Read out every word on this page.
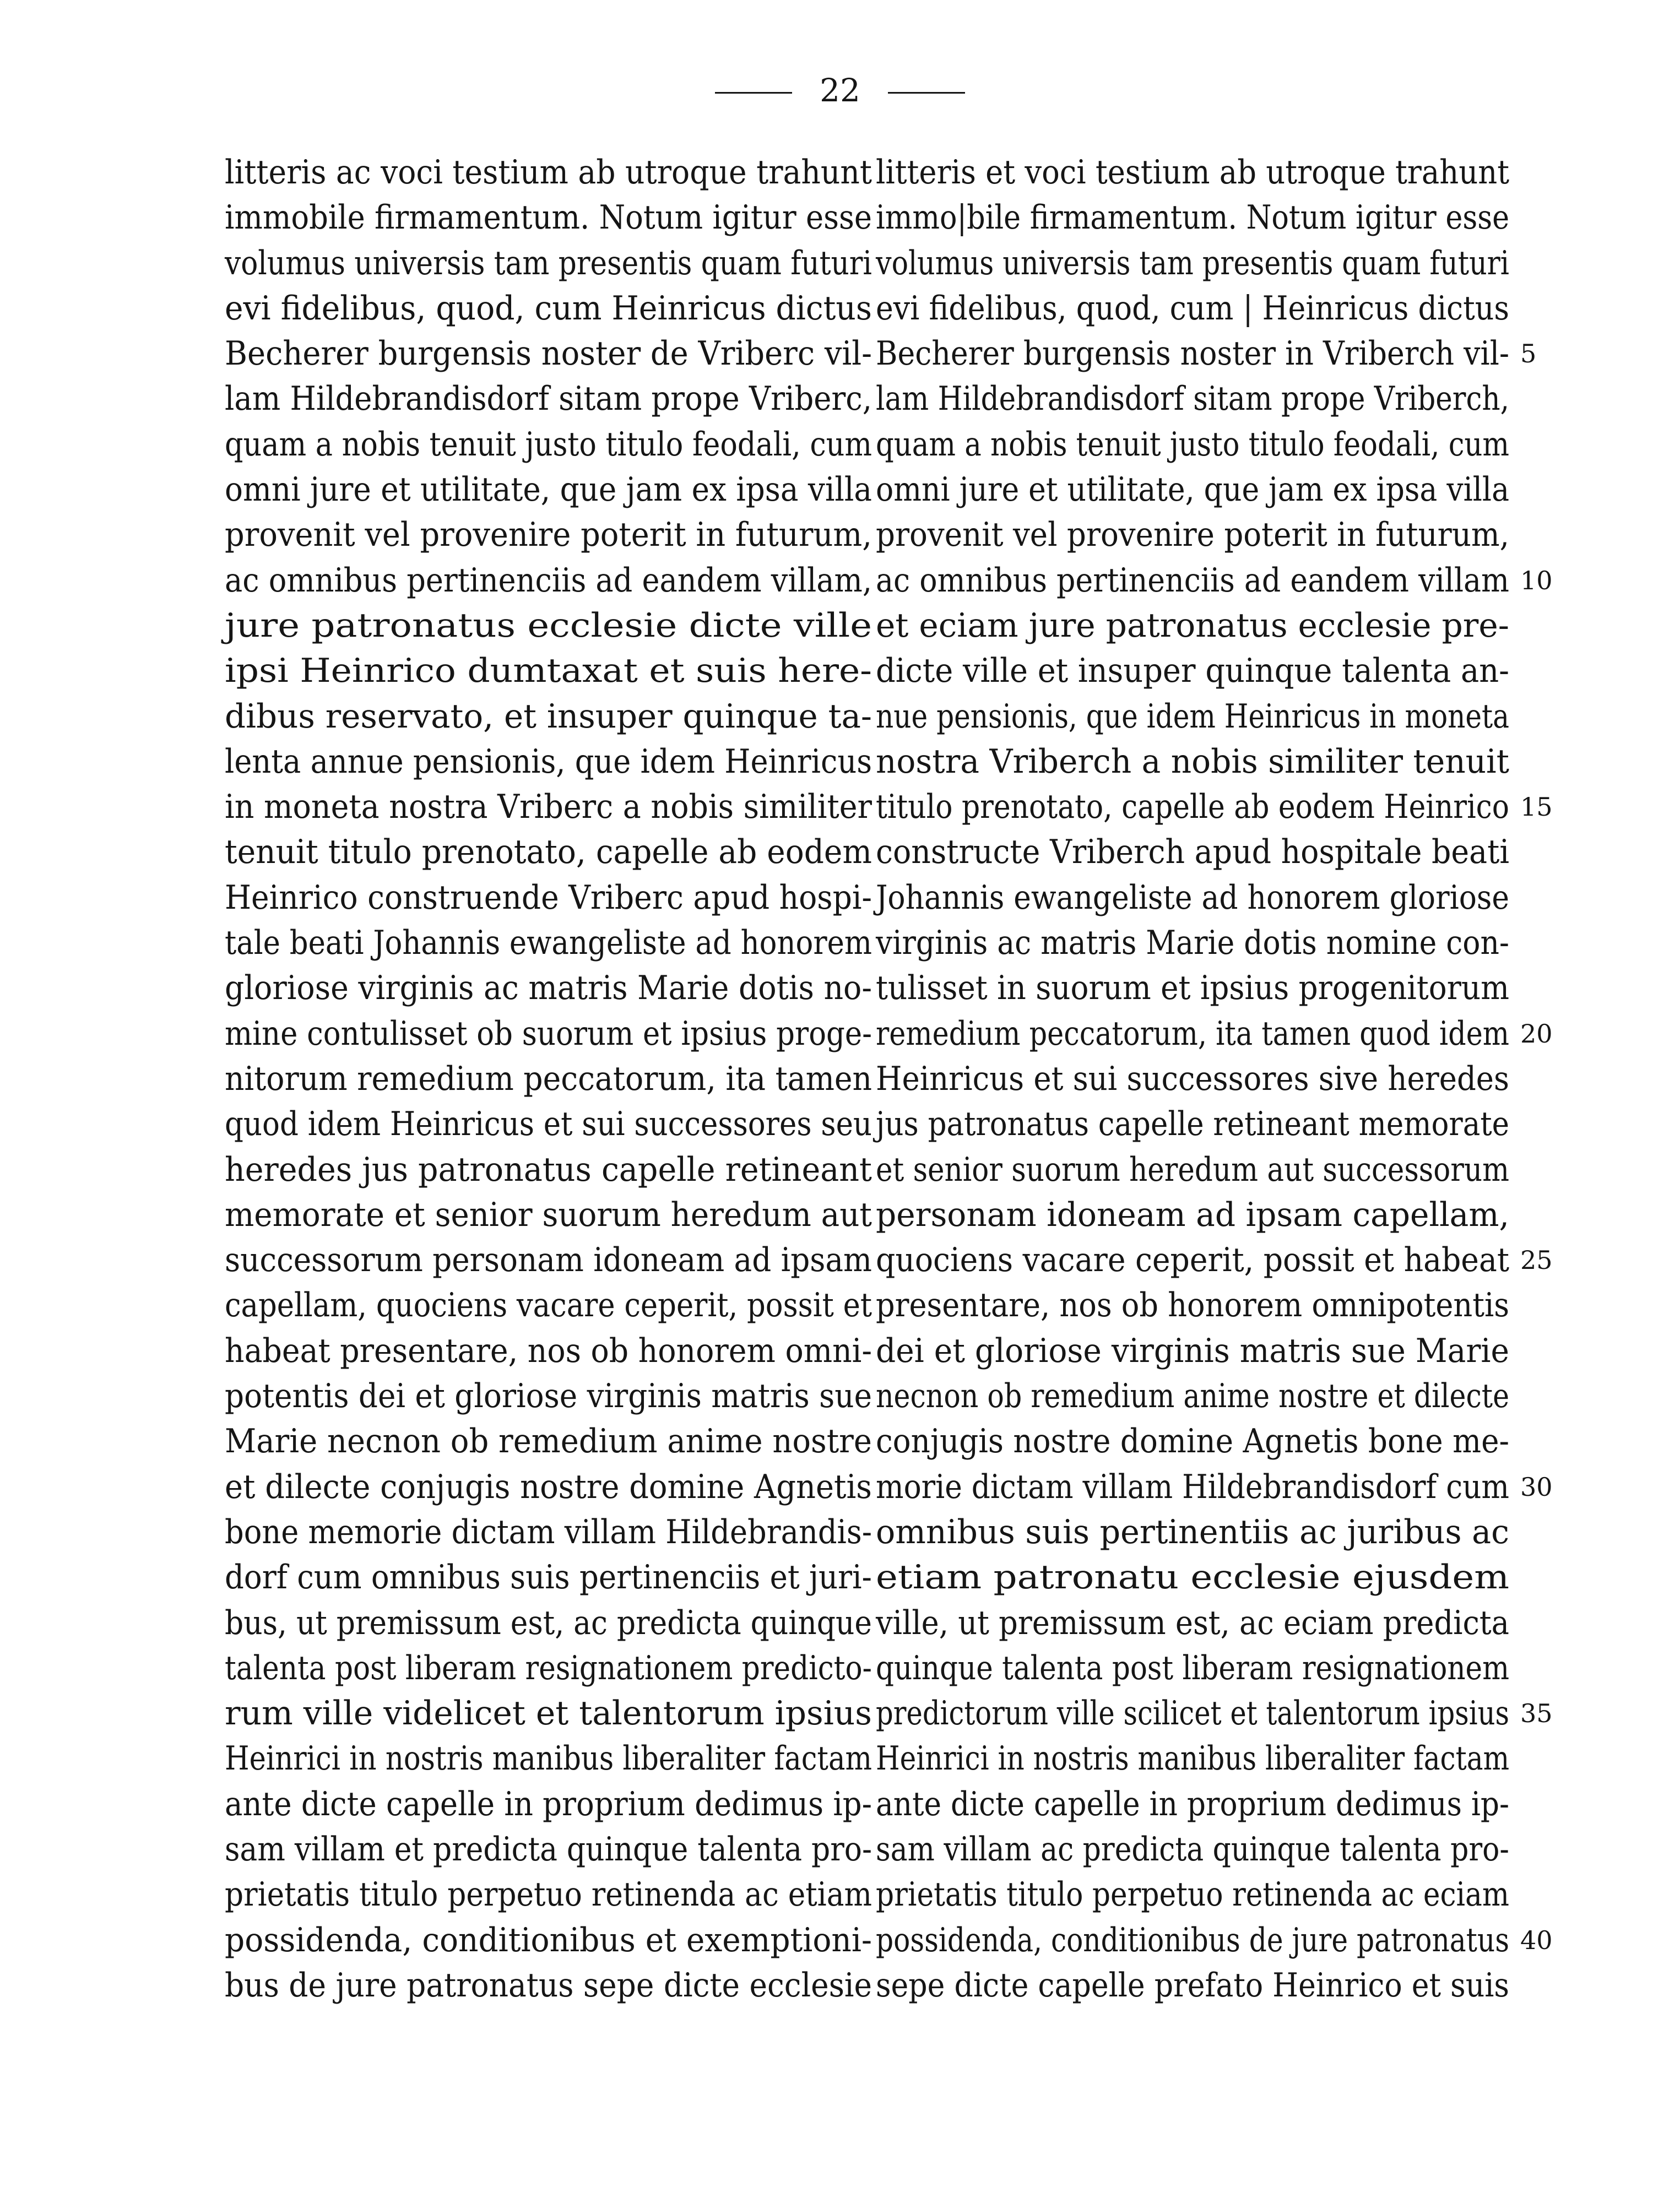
22
litteris ac voci testium ab utroque trahunt
immobile firmamentum. Notum igitur esse
volumus universis tam presentis quam futuri
evi fidelibus, quod, cum Heinricus dictus
Becherer burgensis noster de Vriberc vil-
lam Hildebrandisdorf sitam prope Vriberc,
quam a nobis tenuit justo titulo feodali, cum
omni jure et utilitate, que jam ex ipsa villa
provenit vel provenire poterit in futurum,
ac omnibus pertinenciis ad eandem villam,
jure patronatus ecclesie dicte ville
ipsi Heinrico dumtaxat et suis here-
dibus reservato, et insuper quinque ta-
lenta annue pensionis, que idem Heinricus
in moneta nostra Vriberc a nobis similiter
tenuit titulo prenotato, capelle ab eodem
Heinrico construende Vriberc apud hospi-
tale beati Johannis ewangeliste ad honorem
gloriose virginis ac matris Marie dotis no-
mine contulisset ob suorum et ipsius proge-
nitorum remedium peccatorum, ita tamen
quod idem Heinricus et sui successores seu
heredes jus patronatus capelle retineant
memorate et senior suorum heredum aut
successorum personam idoneam ad ipsam
capellam, quociens vacare ceperit, possit et
habeat presentare, nos ob honorem omni-
potentis dei et gloriose virginis matris sue
Marie necnon ob remedium anime nostre
et dilecte conjugis nostre domine Agnetis
bone memorie dictam villam Hildebrandis-
dorf cum omnibus suis pertinenciis et juri-
bus, ut premissum est, ac predicta quinque
talenta post liberam resignationem predicto-
rum ville videlicet et talentorum ipsius
Heinrici in nostris manibus liberaliter factam
ante dicte capelle in proprium dedimus ip-
sam villam et predicta quinque talenta pro-
prietatis titulo perpetuo retinenda ac etiam
possidenda, conditionibus et exemptioni-
bus de jure patronatus sepe dicte ecclesie
litteris et voci testium ab utroque trahunt
immo|bile firmamentum. Notum igitur esse
volumus universis tam presentis quam futuri
evi fidelibus, quod, cum | Heinricus dictus
Becherer burgensis noster in Vriberch vil- 5
lam Hildebrandisdorf sitam prope Vriberch,
quam a nobis tenuit justo titulo feodali, cum
omni jure et utilitate, que jam ex ipsa villa
provenit vel provenire poterit in futurum,
ac omnibus pertinenciis ad eandem villam 10
et eciam jure patronatus ecclesie pre-
dicte ville et insuper quinque talenta an-
nue pensionis, que idem Heinricus in moneta
nostra Vriberch a nobis similiter tenuit
titulo prenotato, capelle ab eodem Heinrico 15
constructe Vriberch apud hospitale beati
Johannis ewangeliste ad honorem gloriose
virginis ac matris Marie dotis nomine con-
tulisset in suorum et ipsius progenitorum
remedium peccatorum, ita tamen quod idem 20
Heinricus et sui successores sive heredes
jus patronatus capelle retineant memorate
et senior suorum heredum aut successorum
personam idoneam ad ipsam capellam,
quociens vacare ceperit, possit et habeat 25
presentare, nos ob honorem omnipotentis
dei et gloriose virginis matris sue Marie
necnon ob remedium anime nostre et dilecte
conjugis nostre domine Agnetis bone me-
morie dictam villam Hildebrandisdorf cum 30
omnibus suis pertinentiis ac juribus ac
etiam patronatu ecclesie ejusdem
ville, ut premissum est, ac eciam predicta
quinque talenta post liberam resignationem
predictorum ville scilicet et talentorum ipsius 35
Heinrici in nostris manibus liberaliter factam
ante dicte capelle in proprium dedimus ip-
sam villam ac predicta quinque talenta pro-
prietatis titulo perpetuo retinenda ac eciam
possidenda, conditionibus de jure patronatus 40
sepe dicte capelle prefato Heinrico et suis
